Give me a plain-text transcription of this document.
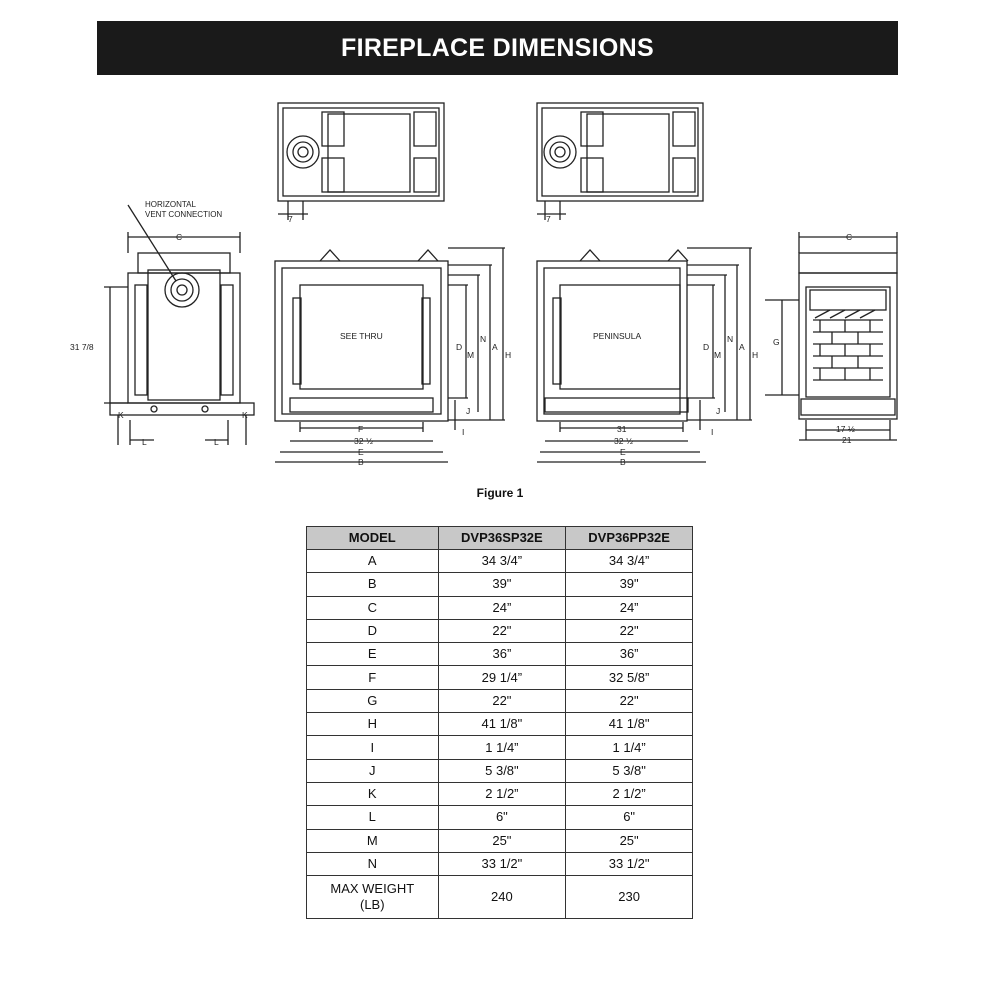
FIREPLACE DIMENSIONS
7	7
HORIZONTAL
VENT CONNECTION
C
31 7/8
K	K
L	L
SEE THRU
F
32 ½
E
B
D
M
N
A
H
J
I
PENINSULA
31
32 ½
E
B
D
M
N
A
H
J
I
C
G
17 ½
21
Figure 1
MODEL	DVP36SP32E	DVP36PP32E
A	34 3/4”	34 3/4”
B	39"	39"
C	24”	24”
D	22"	22"
E	36”	36”
F	29 1/4”	32 5/8”
G	22"	22"
H	41 1/8"	41 1/8"
I	1 1/4”	1 1/4”
J	5 3/8"	5 3/8"
K	2 1/2”	2 1/2”
L	6"	6"
M	25"	25"
N	33 1/2"	33 1/2"

MAX WEIGHT
(LB)	240	230
